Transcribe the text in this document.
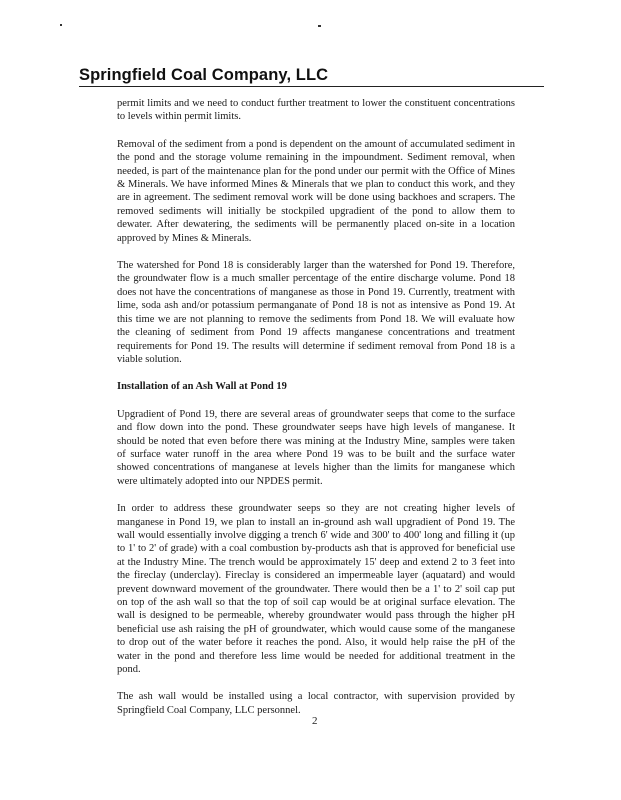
Springfield Coal Company, LLC

permit limits and we need to conduct further treatment to lower the constituent concentrations to levels within permit limits.

Removal of the sediment from a pond is dependent on the amount of accumulated sediment in the pond and the storage volume remaining in the impoundment. Sediment removal, when needed, is part of the maintenance plan for the pond under our permit with the Office of Mines & Minerals. We have informed Mines & Minerals that we plan to conduct this work, and they are in agreement. The sediment removal work will be done using backhoes and scrapers. The removed sediments will initially be stockpiled upgradient of the pond to allow them to dewater. After dewatering, the sediments will be permanently placed on-site in a location approved by Mines & Minerals.

The watershed for Pond 18 is considerably larger than the watershed for Pond 19. Therefore, the groundwater flow is a much smaller percentage of the entire discharge volume. Pond 18 does not have the concentrations of manganese as those in Pond 19. Currently, treatment with lime, soda ash and/or potassium permanganate of Pond 18 is not as intensive as Pond 19. At this time we are not planning to remove the sediments from Pond 18. We will evaluate how the cleaning of sediment from Pond 19 affects manganese concentrations and treatment requirements for Pond 19. The results will determine if sediment removal from Pond 18 is a viable solution.

Installation of an Ash Wall at Pond 19

Upgradient of Pond 19, there are several areas of groundwater seeps that come to the surface and flow down into the pond. These groundwater seeps have high levels of manganese. It should be noted that even before there was mining at the Industry Mine, samples were taken of surface water runoff in the area where Pond 19 was to be built and the surface water showed concentrations of manganese at levels higher than the limits for manganese which were ultimately adopted into our NPDES permit.

In order to address these groundwater seeps so they are not creating higher levels of manganese in Pond 19, we plan to install an in-ground ash wall upgradient of Pond 19. The wall would essentially involve digging a trench 6' wide and 300' to 400' long and filling it (up to 1' to 2' of grade) with a coal combustion by-products ash that is approved for beneficial use at the Industry Mine. The trench would be approximately 15' deep and extend 2 to 3 feet into the fireclay (underclay). Fireclay is considered an impermeable layer (aquatard) and would prevent downward movement of the groundwater. There would then be a 1' to 2' soil cap put on top of the ash wall so that the top of soil cap would be at original surface elevation. The wall is designed to be permeable, whereby groundwater would pass through the higher pH beneficial use ash raising the pH of groundwater, which would cause some of the manganese to drop out of the water before it reaches the pond. Also, it would help raise the pH of the water in the pond and therefore less lime would be needed for additional treatment in the pond.

The ash wall would be installed using a local contractor, with supervision provided by Springfield Coal Company, LLC personnel.

2
